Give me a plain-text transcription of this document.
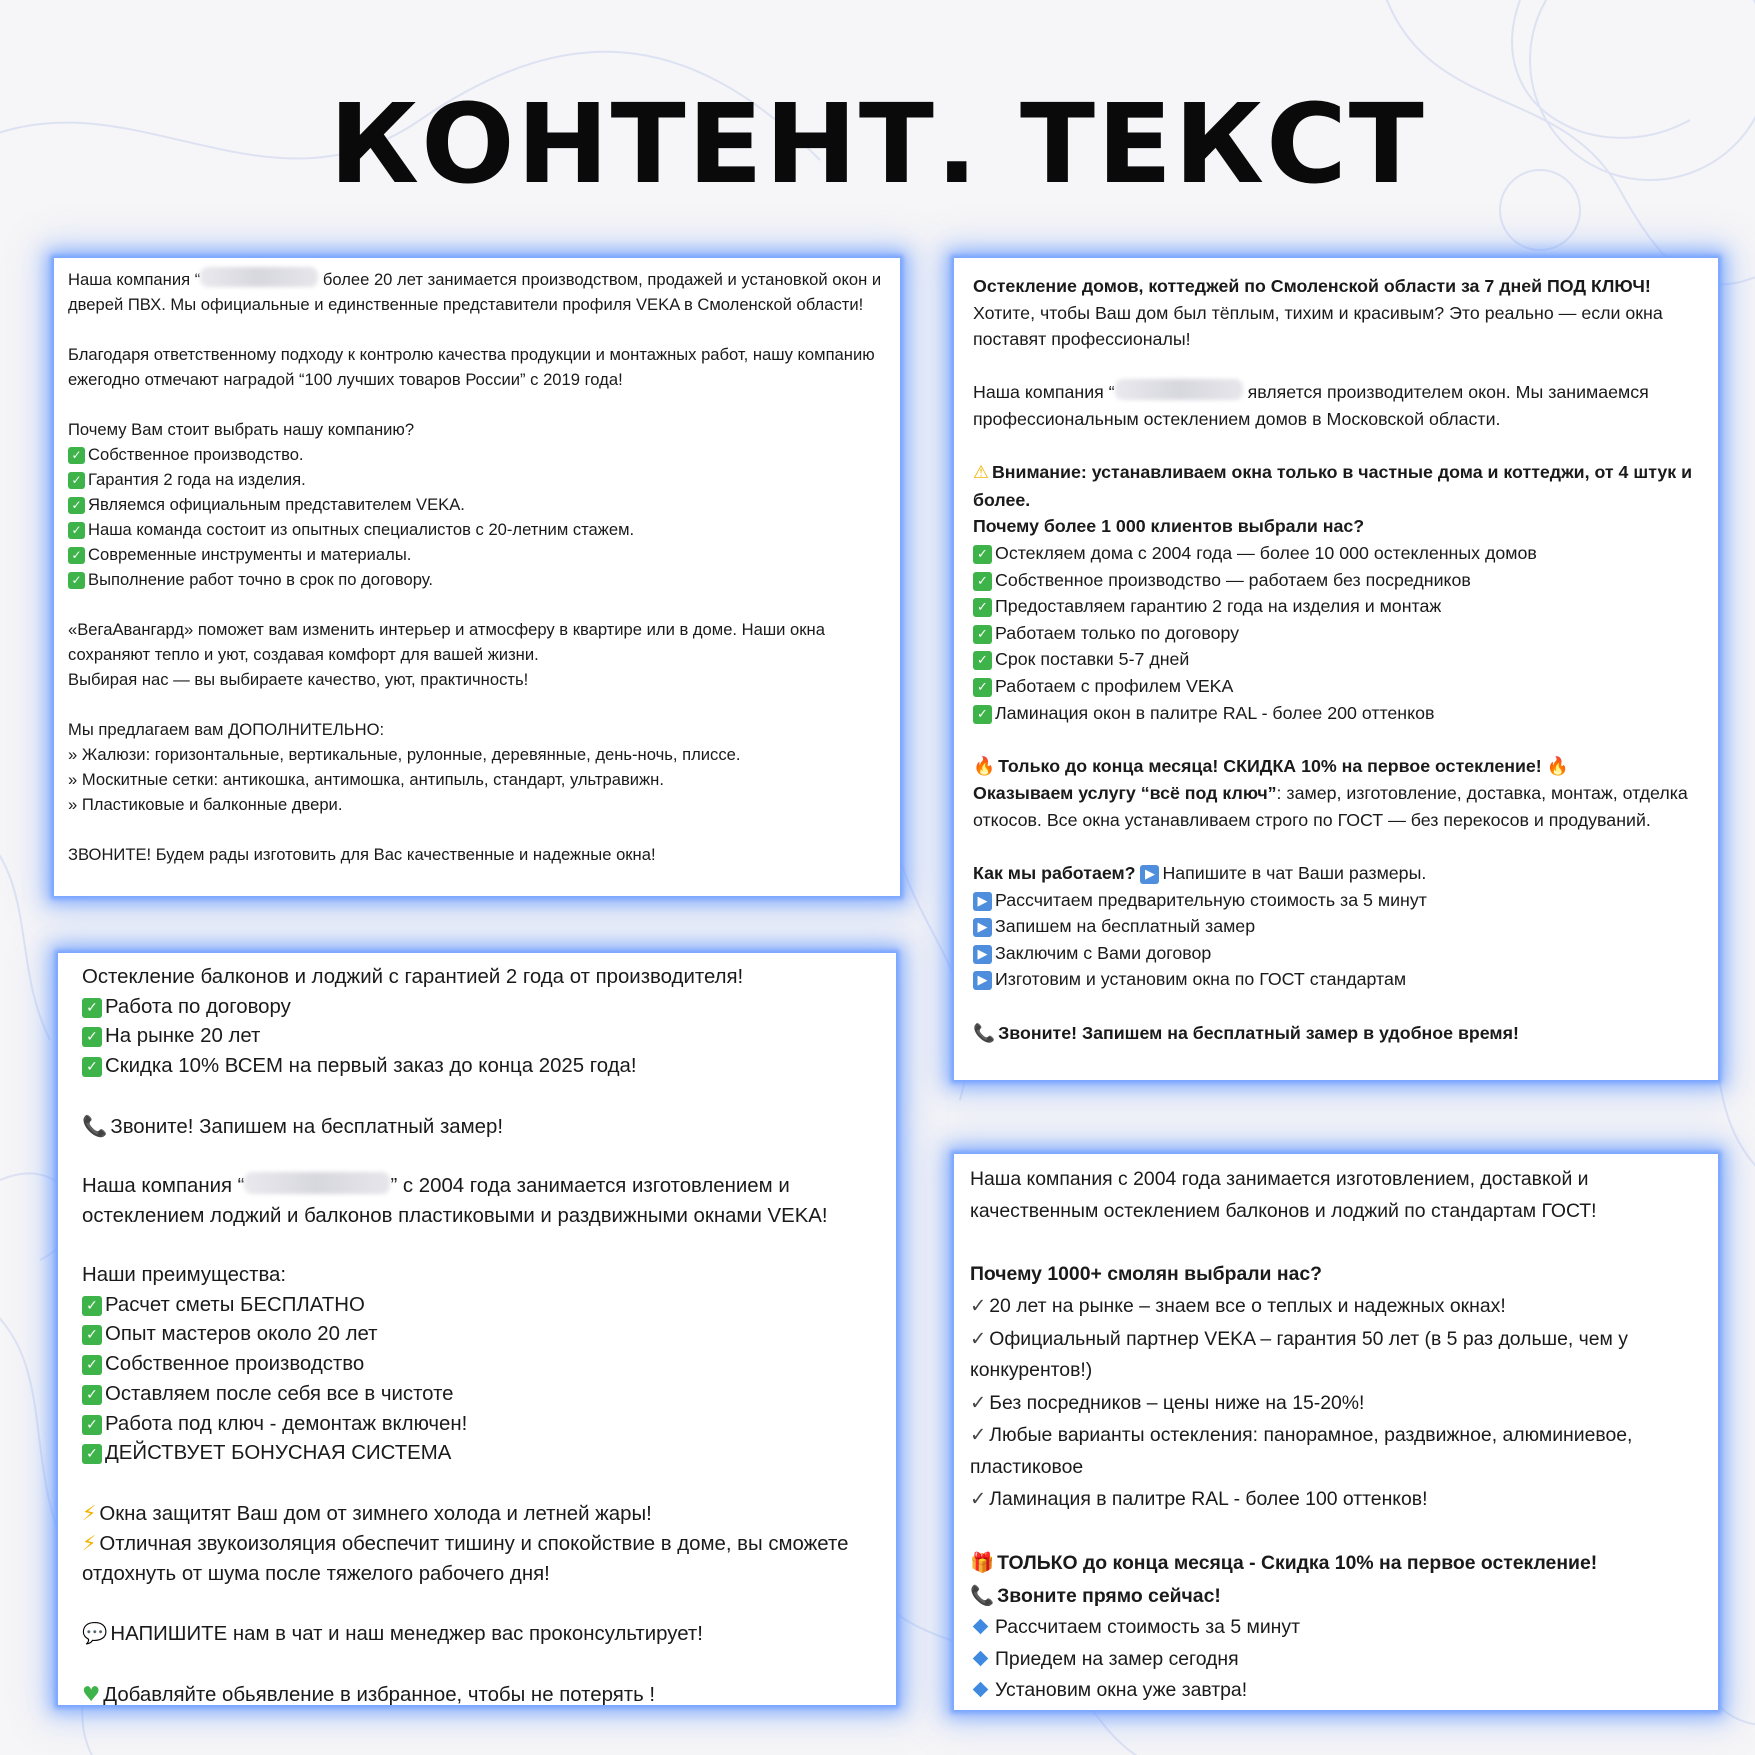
КОНТЕНТ. ТЕКСТ

Наша компания “	более 20 лет занимается производством, продажей и установкой окон и дверей ПВХ. Мы официальные и единственные представители профиля VEKA в Смоленской области!

Благодаря ответственному подходу к контролю качества продукции и монтажных работ, нашу компанию ежегодно отмечают наградой “100 лучших товаров России” с 2019 года!

Почему Вам стоит выбрать нашу компанию?

✓ Собственное производство.

✓ Гарантия 2 года на изделия.

✓ Являемся официальным представителем VEKA.

✓ Наша команда состоит из опытных специалистов с 20-летним стажем.

✓ Современные инструменты и материалы.

✓ Выполнение работ точно в срок по договору.

«ВегаАвангард» поможет вам изменить интерьер и атмосферу в квартире или в доме. Наши окна сохраняют тепло и уют, создавая комфорт для вашей жизни.

Выбирая нас — вы выбираете качество, уют, практичность!

Мы предлагаем вам ДОПОЛНИТЕЛЬНО:

» Жалюзи: горизонтальные, вертикальные, рулонные, деревянные, день-ночь, плиссе.

» Москитные сетки: антикошка, антимошка, антипыль, стандарт, ультравижн.

» Пластиковые и балконные двери.

ЗВОНИТЕ! Будем рады изготовить для Вас качественные и надежные окна!

Остекление домов, коттеджей по Смоленской области за 7 дней ПОД КЛЮЧ!

Хотите, чтобы Ваш дом был тёплым, тихим и красивым? Это реально — если окна поставят профессионалы!

Наша компания “	является производителем окон. Мы занимаемся профессиональным остеклением домов в Московской области.

⚠ Внимание: устанавливаем окна только в частные дома и коттеджи, от 4 штук и более.

Почему более 1 000 клиентов выбрали нас?

✓ Остекляем дома с 2004 года — более 10 000 остекленных домов

✓ Собственное производство — работаем без посредников

✓ Предоставляем гарантию 2 года на изделия и монтаж

✓ Работаем только по договору

✓ Срок поставки 5-7 дней

✓ Работаем с профилем VEKA

✓ Ламинация окон в палитре RAL - более 200 оттенков

🔥 Только до конца месяца! СКИДКА 10% на первое остекление! 🔥

Оказываем услугу “всё под ключ”: замер, изготовление, доставка, монтаж, отделка откосов. Все окна устанавливаем строго по ГОСТ — без перекосов и продуваний.

Как мы работаем? ▶ Напишите в чат Ваши размеры.

▶ Рассчитаем предварительную стоимость за 5 минут

▶ Запишем на бесплатный замер

▶ Заключим с Вами договор

▶ Изготовим и установим окна по ГОСТ стандартам

📞 Звоните! Запишем на бесплатный замер в удобное время!

Остекление балконов и лоджий с гарантией 2 года от производителя!

✓ Работа по договору

✓ На рынке 20 лет

✓ Скидка 10% ВСЕМ на первый заказ до конца 2025 года!

📞 Звоните! Запишем на бесплатный замер!

Наша компания “	” с 2004 года занимается изготовлением и остеклением лоджий и балконов пластиковыми и раздвижными окнами VEKA!

Наши преимущества:

✓ Расчет сметы БЕСПЛАТНО

✓ Опыт мастеров около 20 лет

✓ Собственное производство

✓ Оставляем после себя все в чистоте

✓ Работа под ключ - демонтаж включен!

✓ ДЕЙСТВУЕТ БОНУСНАЯ СИСТЕМА

⚡ Окна защитят Ваш дом от зимнего холода и летней жары!

⚡ Отличная звукоизоляция обеспечит тишину и спокойствие в доме, вы сможете отдохнуть от шума после тяжелого рабочего дня!

💬 НАПИШИТЕ нам в чат и наш менеджер вас проконсультирует!

♥ Добавляйте обьявление в избранное, чтобы не потерять !

Наша компания с 2004 года занимается изготовлением, доставкой и качественным остеклением балконов и лоджий по стандартам ГОСТ!

Почему 1000+ смолян выбрали нас?

✓ 20 лет на рынке – знаем все о теплых и надежных окнах!

✓ Официальный партнер VEKA – гарантия 50 лет (в 5 раз дольше, чем у конкурентов!)

✓ Без посредников – цены ниже на 15-20%!

✓ Любые варианты остекления: панорамное, раздвижное, алюминиевое, пластиковое

✓ Ламинация в палитре RAL - более 100 оттенков!

🎁 ТОЛЬКО до конца месяца - Скидка 10% на первое остекление!

📞 Звоните прямо сейчас!

Рассчитаем стоимость за 5 минут

Приедем на замер сегодня

Установим окна уже завтра!
